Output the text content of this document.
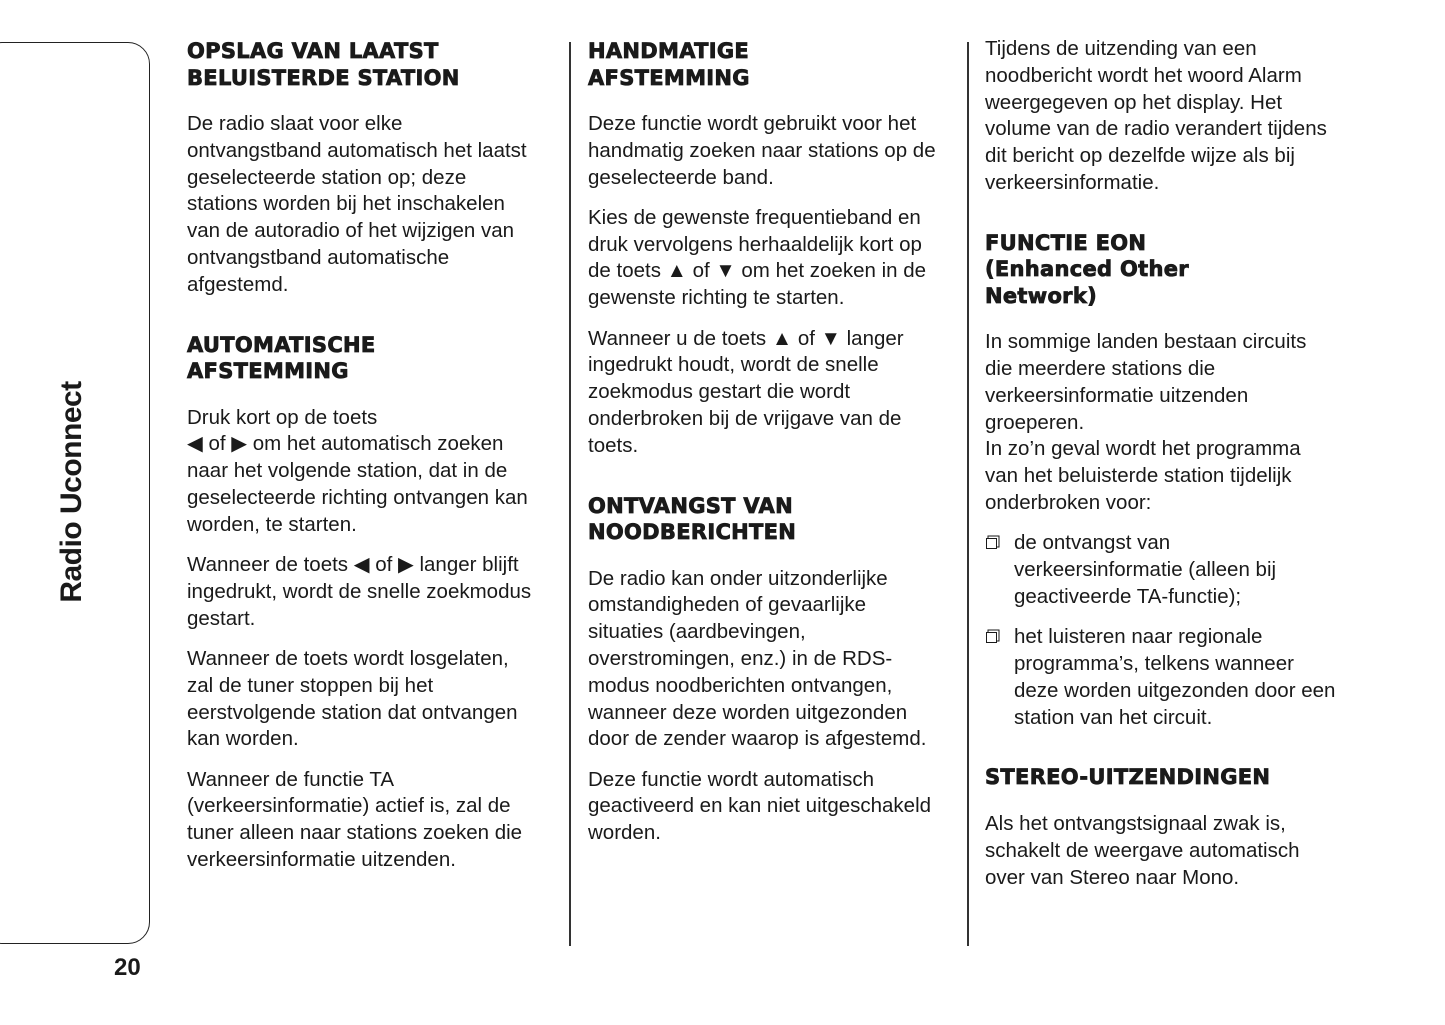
Radio Uconnect
20
OPSLAG VAN LAATST
BELUISTERDE STATION

De radio slaat voor elke
ontvangstband automatisch het laatst
geselecteerde station op; deze
stations worden bij het inschakelen
van de autoradio of het wijzigen van
ontvangstband automatische
afgestemd.

AUTOMATISCHE
AFSTEMMING

Druk kort op de toets
◀ of ▶ om het automatisch zoeken
naar het volgende station, dat in de
geselecteerde richting ontvangen kan
worden, te starten.

Wanneer de toets ◀ of ▶ langer blijft
ingedrukt, wordt de snelle zoekmodus
gestart.

Wanneer de toets wordt losgelaten,
zal de tuner stoppen bij het
eerstvolgende station dat ontvangen
kan worden.

Wanneer de functie TA
(verkeersinformatie) actief is, zal de
tuner alleen naar stations zoeken die
verkeersinformatie uitzenden.

HANDMATIGE
AFSTEMMING

Deze functie wordt gebruikt voor het
handmatig zoeken naar stations op de
geselecteerde band.

Kies de gewenste frequentieband en
druk vervolgens herhaaldelijk kort op
de toets ▲ of ▼ om het zoeken in de
gewenste richting te starten.

Wanneer u de toets ▲ of ▼ langer
ingedrukt houdt, wordt de snelle
zoekmodus gestart die wordt
onderbroken bij de vrijgave van de
toets.

ONTVANGST VAN
NOODBERICHTEN

De radio kan onder uitzonderlijke
omstandigheden of gevaarlijke
situaties (aardbevingen,
overstromingen, enz.) in de RDS-
modus noodberichten ontvangen,
wanneer deze worden uitgezonden
door de zender waarop is afgestemd.

Deze functie wordt automatisch
geactiveerd en kan niet uitgeschakeld
worden.

Tijdens de uitzending van een
noodbericht wordt het woord Alarm
weergegeven op het display. Het
volume van de radio verandert tijdens
dit bericht op dezelfde wijze als bij
verkeersinformatie.

FUNCTIE EON
(Enhanced Other
Network)

In sommige landen bestaan circuits
die meerdere stations die
verkeersinformatie uitzenden
groeperen.
In zo’n geval wordt het programma
van het beluisterde station tijdelijk
onderbroken voor:

de ontvangst van
verkeersinformatie (alleen bij
geactiveerde TA-functie);
het luisteren naar regionale
programma’s, telkens wanneer
deze worden uitgezonden door een
station van het circuit.
STEREO-UITZENDINGEN

Als het ontvangstsignaal zwak is,
schakelt de weergave automatisch
over van Stereo naar Mono.
